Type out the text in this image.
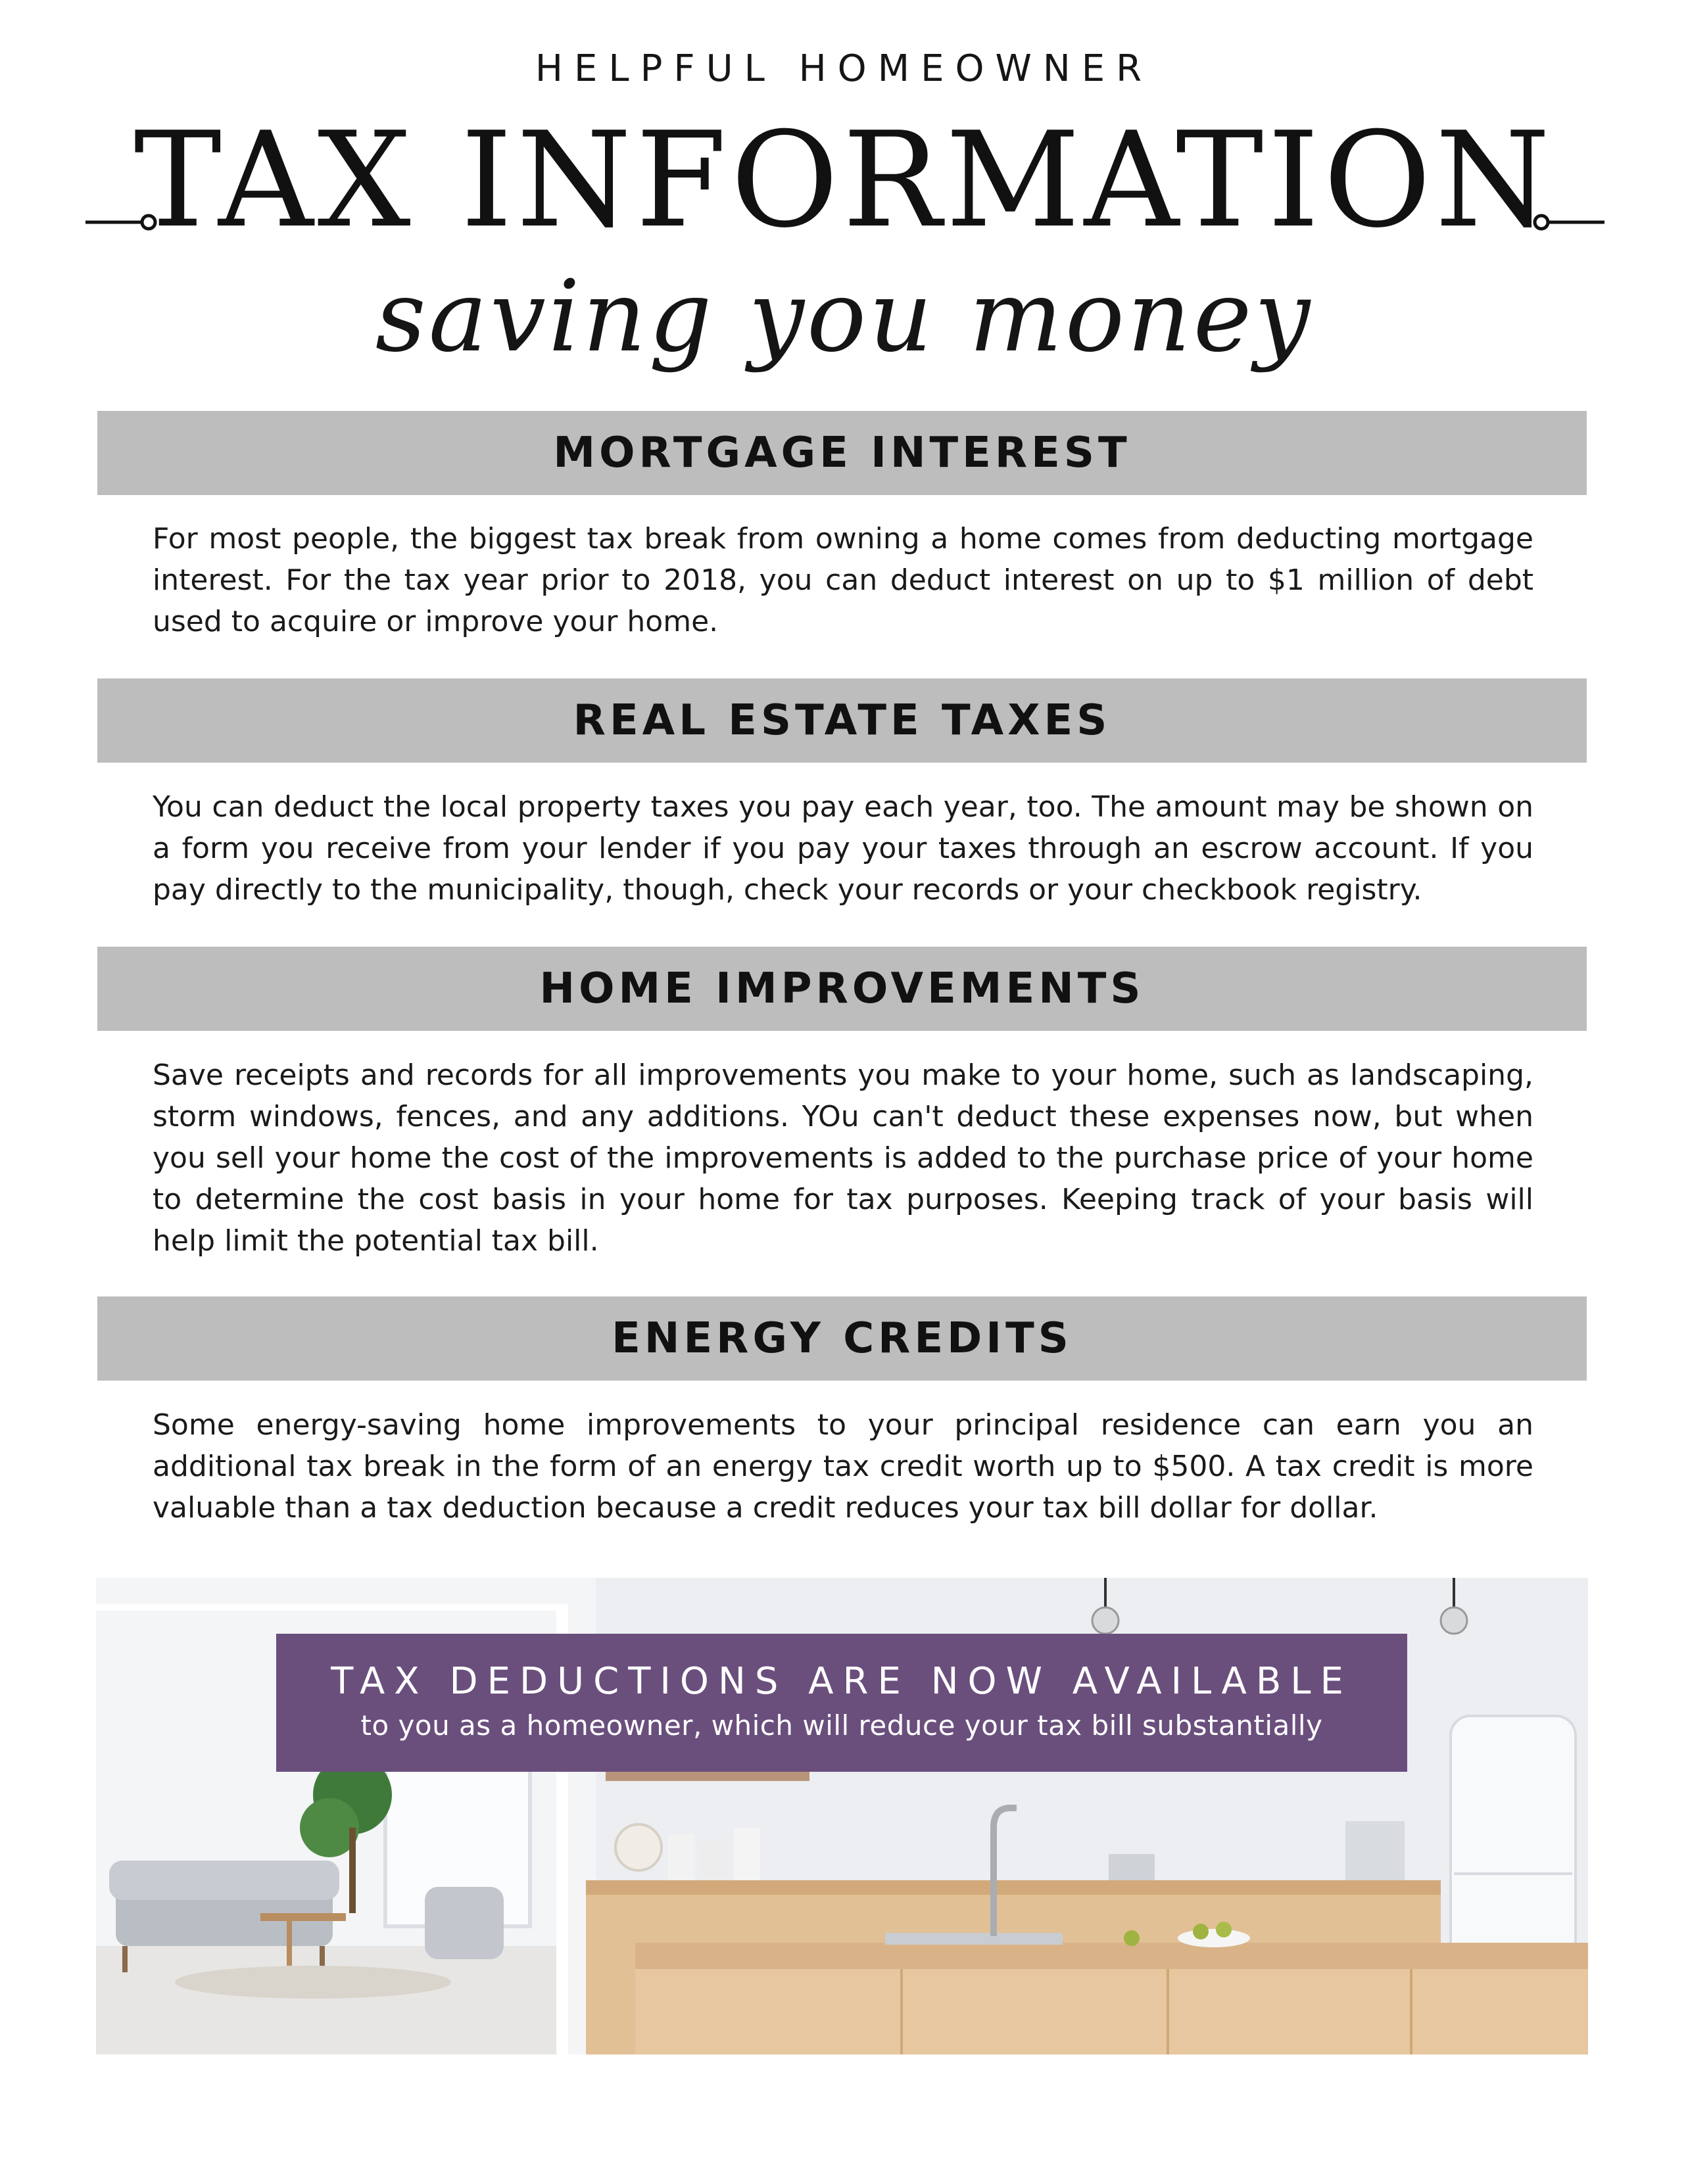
HELPFUL HOMEOWNER
TAX INFORMATION
saving you money
MORTGAGE INTEREST

For most people, the biggest tax break from owning a home comes from deducting mortgage interest. For the tax year prior to 2018, you can deduct interest on up to $1 million of debt used to acquire or improve your home.

REAL ESTATE TAXES

You can deduct the local property taxes you pay each year, too. The amount may be shown on a form you receive from your lender if you pay your taxes through an escrow account. If you pay directly to the municipality, though, check your records or your checkbook registry.

HOME IMPROVEMENTS

Save receipts and records for all improvements you make to your home, such as landscaping, storm windows, fences, and any additions. YOu can't deduct these expenses now, but when you sell your home the cost of the improvements is added to the purchase price of your home to determine the cost basis in your home for tax purposes. Keeping track of your basis will help limit the potential tax bill.

ENERGY CREDITS

Some energy-saving home improvements to your principal residence can earn you an additional tax break in the form of an energy tax credit worth up to $500. A tax credit is more valuable than a tax deduction because a credit reduces your tax bill dollar for dollar.

TAX DEDUCTIONS ARE NOW AVAILABLE
to you as a homeowner, which will reduce your tax bill substantially
